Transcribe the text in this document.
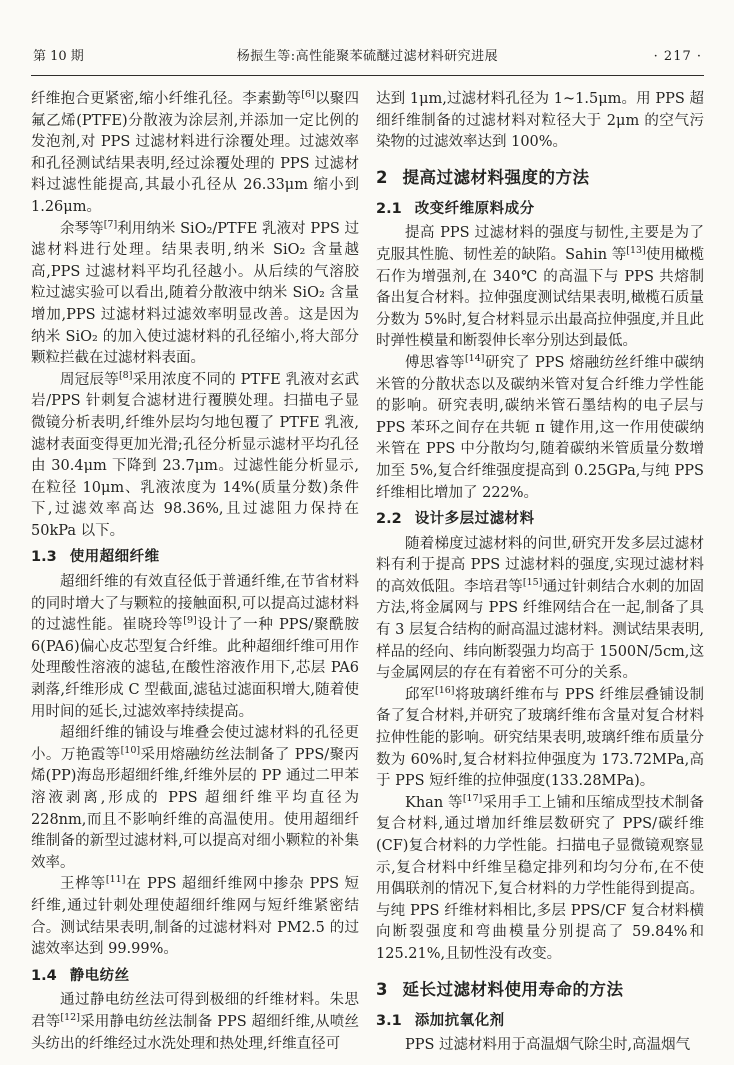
第 10 期	杨振生等:高性能聚苯硫醚过滤材料研究进展	· 217 ·

纤维抱合更紧密,缩小纤维孔径。李素勤等[6]以聚四氟乙烯(PTFE)分散液为涂层剂,并添加一定比例的发泡剂,对 PPS 过滤材料进行涂覆处理。过滤效率和孔径测试结果表明,经过涂覆处理的 PPS 过滤材料过滤性能提高,其最小孔径从 26.33μm 缩小到 1.26μm。

余琴等[7]利用纳米 SiO₂/PTFE 乳液对 PPS 过滤材料进行处理。结果表明,纳米 SiO₂ 含量越高,PPS 过滤材料平均孔径越小。从后续的气溶胶粒过滤实验可以看出,随着分散液中纳米 SiO₂ 含量增加,PPS 过滤材料过滤效率明显改善。这是因为纳米 SiO₂ 的加入使过滤材料的孔径缩小,将大部分颗粒拦截在过滤材料表面。

周冠辰等[8]采用浓度不同的 PTFE 乳液对玄武岩/PPS 针刺复合滤材进行覆膜处理。扫描电子显微镜分析表明,纤维外层均匀地包覆了 PTFE 乳液,滤材表面变得更加光滑;孔径分析显示滤材平均孔径由 30.4μm 下降到 23.7μm。过滤性能分析显示,在粒径 10μm、乳液浓度为 14%(质量分数)条件下,过滤效率高达 98.36%,且过滤阻力保持在 50kPa 以下。

1.3 使用超细纤维

超细纤维的有效直径低于普通纤维,在节省材料的同时增大了与颗粒的接触面积,可以提高过滤材料的过滤性能。崔晓玲等[9]设计了一种 PPS/聚酰胺 6(PA6)偏心皮芯型复合纤维。此种超细纤维可用作处理酸性溶液的滤毡,在酸性溶液作用下,芯层 PA6 剥落,纤维形成 C 型截面,滤毡过滤面积增大,随着使用时间的延长,过滤效率持续提高。

超细纤维的铺设与堆叠会使过滤材料的孔径更小。万艳霞等[10]采用熔融纺丝法制备了 PPS/聚丙烯(PP)海岛形超细纤维,纤维外层的 PP 通过二甲苯溶液剥离,形成的 PPS 超细纤维平均直径为 228nm,而且不影响纤维的高温使用。使用超细纤维制备的新型过滤材料,可以提高对细小颗粒的补集效率。

王桦等[11]在 PPS 超细纤维网中掺杂 PPS 短纤维,通过针刺处理使超细纤维网与短纤维紧密结合。测试结果表明,制备的过滤材料对 PM2.5 的过滤效率达到 99.99%。

1.4 静电纺丝

通过静电纺丝法可得到极细的纤维材料。朱思君等[12]采用静电纺丝法制备 PPS 超细纤维,从喷丝头纺出的纤维经过水洗处理和热处理,纤维直径可

达到 1μm,过滤材料孔径为 1~1.5μm。用 PPS 超细纤维制备的过滤材料对粒径大于 2μm 的空气污染物的过滤效率达到 100%。

2 提高过滤材料强度的方法
2.1 改变纤维原料成分

提高 PPS 过滤材料的强度与韧性,主要是为了克服其性脆、韧性差的缺陷。Sahin 等[13]使用橄榄石作为增强剂,在 340℃ 的高温下与 PPS 共熔制备出复合材料。拉伸强度测试结果表明,橄榄石质量分数为 5%时,复合材料显示出最高拉伸强度,并且此时弹性模量和断裂伸长率分别达到最低。

傅思睿等[14]研究了 PPS 熔融纺丝纤维中碳纳米管的分散状态以及碳纳米管对复合纤维力学性能的影响。研究表明,碳纳米管石墨结构的电子层与 PPS 苯环之间存在共轭 π 键作用,这一作用使碳纳米管在 PPS 中分散均匀,随着碳纳米管质量分数增加至 5%,复合纤维强度提高到 0.25GPa,与纯 PPS 纤维相比增加了 222%。

2.2 设计多层过滤材料

随着梯度过滤材料的问世,研究开发多层过滤材料有利于提高 PPS 过滤材料的强度,实现过滤材料的高效低阻。李培君等[15]通过针刺结合水刺的加固方法,将金属网与 PPS 纤维网结合在一起,制备了具有 3 层复合结构的耐高温过滤材料。测试结果表明,样品的经向、纬向断裂强力均高于 1500N/5cm,这与金属网层的存在有着密不可分的关系。

邱军[16]将玻璃纤维布与 PPS 纤维层叠铺设制备了复合材料,并研究了玻璃纤维布含量对复合材料拉伸性能的影响。研究结果表明,玻璃纤维布质量分数为 60%时,复合材料拉伸强度为 173.72MPa,高于 PPS 短纤维的拉伸强度(133.28MPa)。

Khan 等[17]采用手工上铺和压缩成型技术制备复合材料,通过增加纤维层数研究了 PPS/碳纤维(CF)复合材料的力学性能。扫描电子显微镜观察显示,复合材料中纤维呈稳定排列和均匀分布,在不使用偶联剂的情况下,复合材料的力学性能得到提高。与纯 PPS 纤维材料相比,多层 PPS/CF 复合材料横向断裂强度和弯曲模量分别提高了 59.84%和 125.21%,且韧性没有改变。

3 延长过滤材料使用寿命的方法
3.1 添加抗氧化剂

PPS 过滤材料用于高温烟气除尘时,高温烟气
